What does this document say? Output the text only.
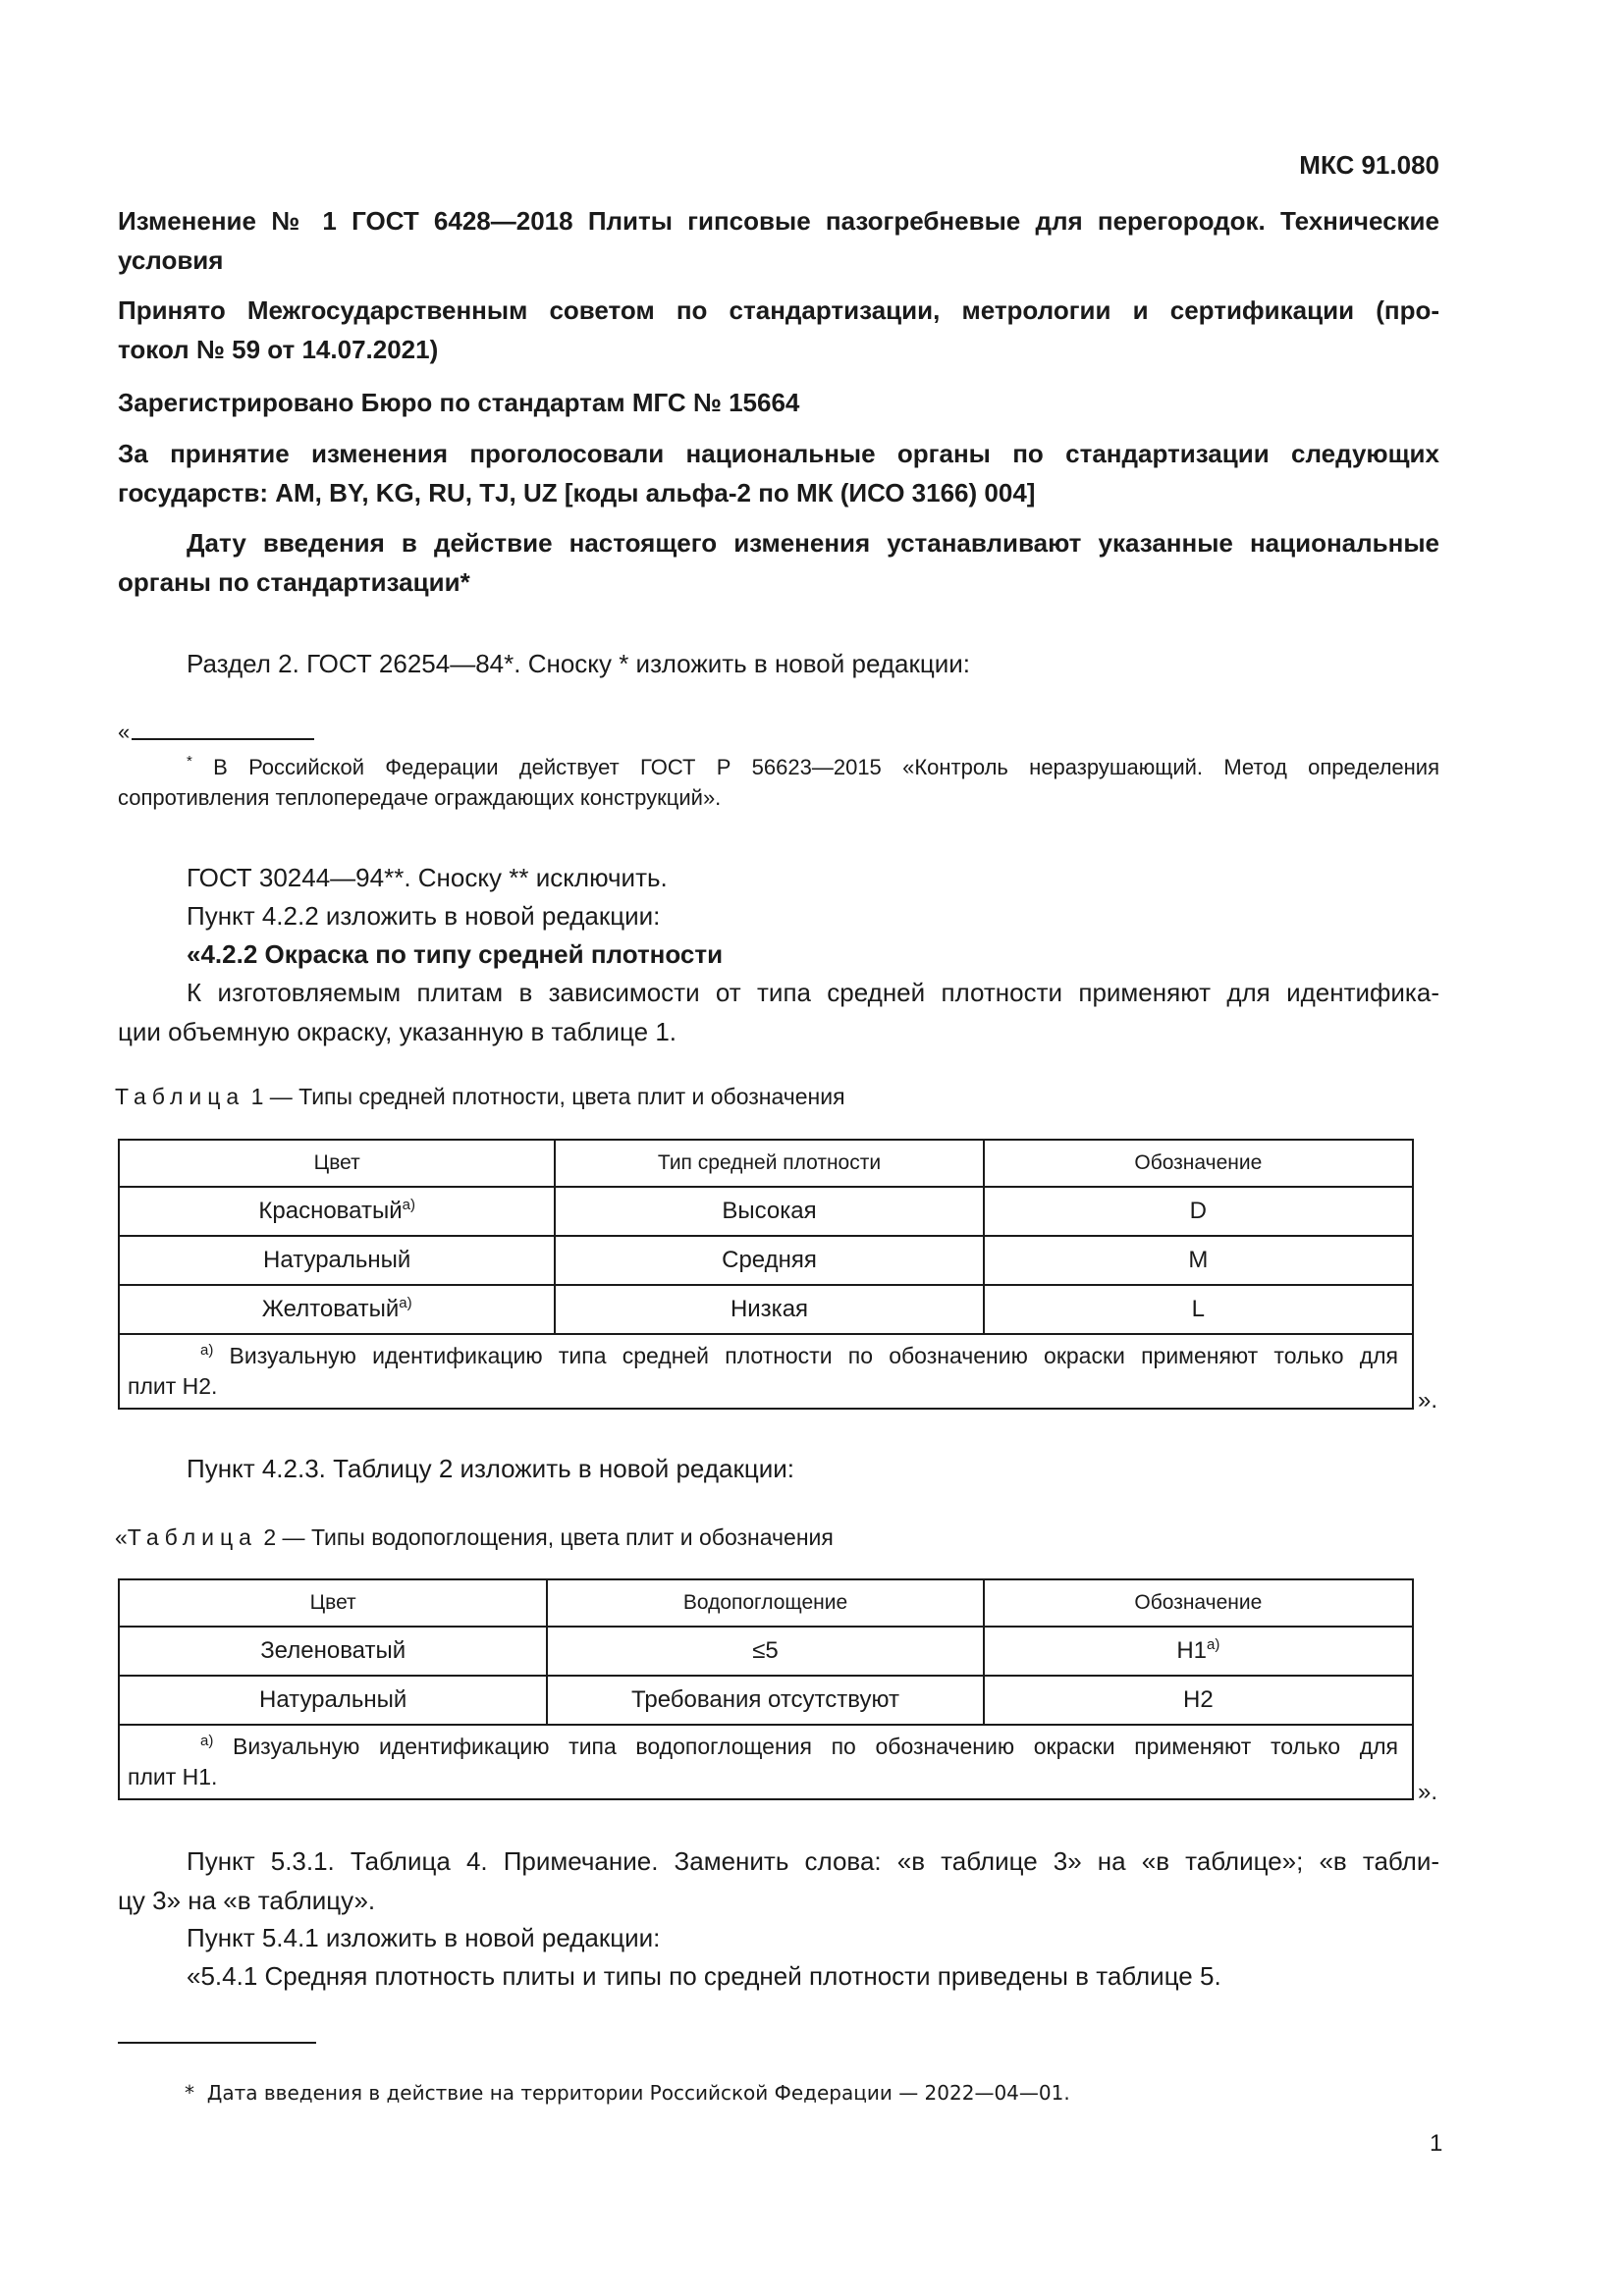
МКС 91.080
Изменение № 1 ГОСТ 6428—2018 Плиты гипсовые пазогребневые для перегородок. Технические
условия
Принято Межгосударственным советом по стандартизации, метрологии и сертификации (про-
токол № 59 от 14.07.2021)
Зарегистрировано Бюро по стандартам МГС № 15664
За принятие изменения проголосовали национальные органы по стандартизации следующих
государств: AM, BY, KG, RU, TJ, UZ [коды альфа-2 по МК (ИСО 3166) 004]
Дату введения в действие настоящего изменения устанавливают указанные национальные
органы по стандартизации*
Раздел 2. ГОСТ 26254—84*. Сноску * изложить в новой редакции:
«
* В Российской Федерации действует ГОСТ Р 56623—2015 «Контроль неразрушающий. Метод определения
сопротивления теплопередаче ограждающих конструкций».
ГОСТ 30244—94**. Сноску ** исключить.
Пункт 4.2.2 изложить в новой редакции:
«4.2.2 Окраска по типу средней плотности
К изготовляемым плитам в зависимости от типа средней плотности применяют для идентифика-
ции объемную окраску, указанную в таблице 1.
Таблица 1 — Типы средней плотности, цвета плит и обозначения
Цвет	Тип средней плотности	Обозначение
Красноватый$^{а)}$	Высокая	D
Натуральный	Средняя	M
Желтоватый$^{а)}$	Низкая	L

$^{а)}$ Визуальную идентификацию типа средней плотности по обозначению окраски применяют только для
плит H2.		
».
Пункт 4.2.3. Таблицу 2 изложить в новой редакции:
«Таблица 2 — Типы водопоглощения, цвета плит и обозначения
Цвет	Водопоглощение	Обозначение
Зеленоватый	≤5	$H1^{а)}$
Натуральный	Требования отсутствуют	H2

$^{а)}$ Визуальную идентификацию типа водопоглощения по обозначению окраски применяют только для
плит H1.		
».
Пункт 5.3.1. Таблица 4. Примечание. Заменить слова: «в таблице 3» на «в таблице»; «в табли-
цу 3» на «в таблицу».
Пункт 5.4.1 изложить в новой редакции:
«5.4.1 Средняя плотность плиты и типы по средней плотности приведены в таблице 5.
* Дата введения в действие на территории Российской Федерации — 2022—04—01.
1
